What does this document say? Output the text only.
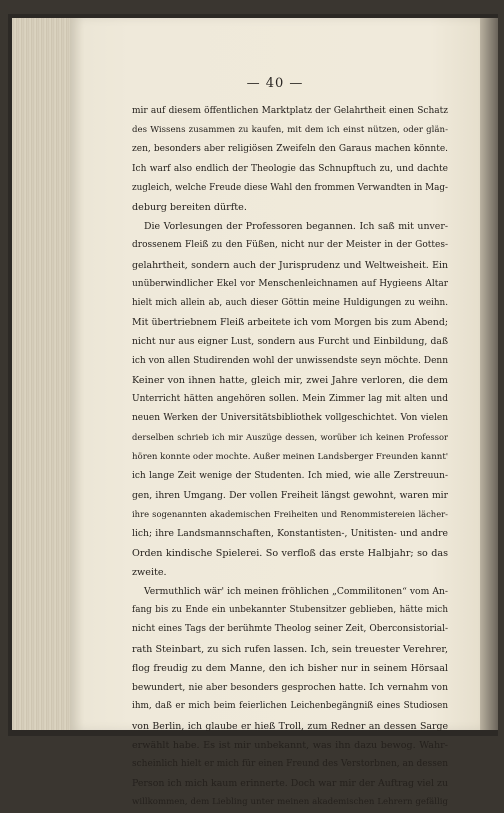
— 40 —
mir auf diesem öffentlichen Marktplatz der Gelahrtheit einen Schatz
des Wissens zusammen zu kaufen, mit dem ich einst nützen, oder glän-
zen, besonders aber religiösen Zweifeln den Garaus machen könnte.
Ich warf also endlich der Theologie das Schnupftuch zu, und dachte
zugleich, welche Freude diese Wahl den frommen Verwandten in Mag-
deburg bereiten dürfte.
Die Vorlesungen der Professoren begannen. Ich saß mit unver-
drossenem Fleiß zu den Füßen, nicht nur der Meister in der Gottes-
gelahrtheit, sondern auch der Jurisprudenz und Weltweisheit. Ein
unüberwindlicher Ekel vor Menschenleichnamen auf Hygieens Altar
hielt mich allein ab, auch dieser Göttin meine Huldigungen zu weihn.
Mit übertriebnem Fleiß arbeitete ich vom Morgen bis zum Abend;
nicht nur aus eigner Lust, sondern aus Furcht und Einbildung, daß
ich von allen Studirenden wohl der unwissendste seyn möchte. Denn
Keiner von ihnen hatte, gleich mir, zwei Jahre verloren, die dem
Unterricht hätten angehören sollen. Mein Zimmer lag mit alten und
neuen Werken der Universitätsbibliothek vollgeschichtet. Von vielen
derselben schrieb ich mir Auszüge dessen, worüber ich keinen Professor
hören konnte oder mochte. Außer meinen Landsberger Freunden kannt'
ich lange Zeit wenige der Studenten. Ich mied, wie alle Zerstreuun-
gen, ihren Umgang. Der vollen Freiheit längst gewohnt, waren mir
ihre sogenannten akademischen Freiheiten und Renommistereien lächer-
lich; ihre Landsmannschaften, Konstantisten-, Unitisten- und andre
Orden kindische Spielerei. So verfloß das erste Halbjahr; so das
zweite.
Vermuthlich wär' ich meinen fröhlichen „Commilitonen“ vom An-
fang bis zu Ende ein unbekannter Stubensitzer geblieben, hätte mich
nicht eines Tags der berühmte Theolog seiner Zeit, Oberconsistorial-
rath Steinbart, zu sich rufen lassen. Ich, sein treuester Verehrer,
flog freudig zu dem Manne, den ich bisher nur in seinem Hörsaal
bewundert, nie aber besonders gesprochen hatte. Ich vernahm von
ihm, daß er mich beim feierlichen Leichenbegängniß eines Studiosen
von Berlin, ich glaube er hieß Troll, zum Redner an dessen Sarge
erwählt habe. Es ist mir unbekannt, was ihn dazu bewog. Wahr-
scheinlich hielt er mich für einen Freund des Verstorbnen, an dessen
Person ich mich kaum erinnerte. Doch war mir der Auftrag viel zu
willkommen, dem Liebling unter meinen akademischen Lehrern gefällig
